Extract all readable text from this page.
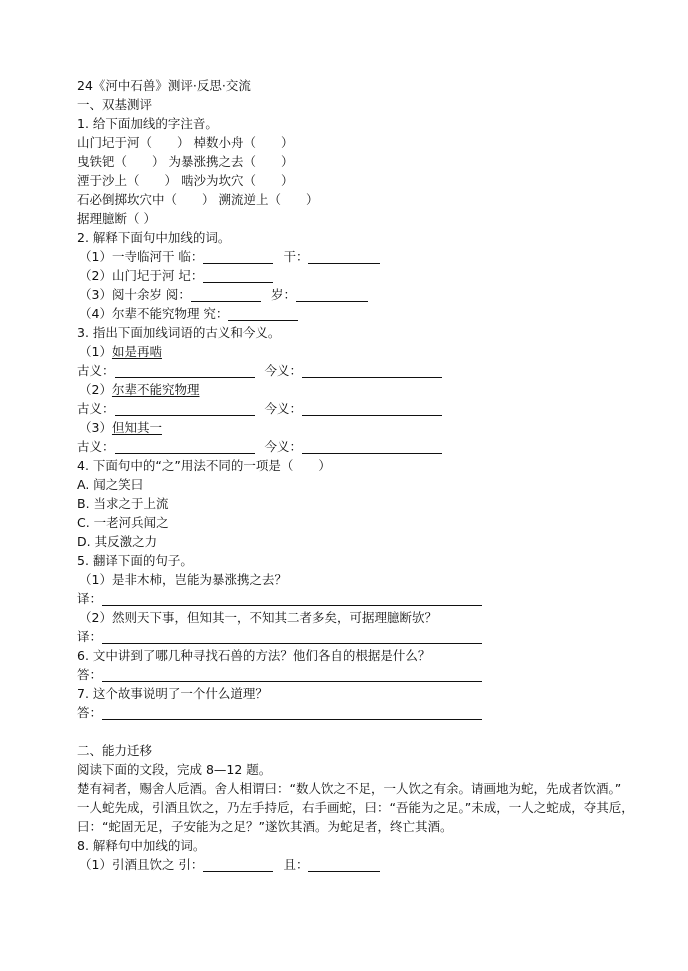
24《河中石兽》测评·反思·交流
一、双基测评
1. 给下面加线的字注音。
山门圮于河（　　） 棹数小舟（　　）
曳铁钯（　　） 为暴涨携之去（　　）
湮于沙上（　　） 啮沙为坎穴（　　）
石必倒掷坎穴中（　　） 溯流逆上（　　）
据理臆断（ ）
2. 解释下面句中加线的词。
（1）一寺临河干 临：	干：
（2）山门圮于河 圮：
（3）阅十余岁 阅：	岁：
（4）尔辈不能究物理 究：
3. 指出下面加线词语的古义和今义。
（1）如是再啮
古义：	今义：
（2）尔辈不能究物理
古义：	今义：
（3）但知其一
古义：	今义：
4. 下面句中的“之”用法不同的一项是（　　）
A. 闻之笑曰
B. 当求之于上流
C. 一老河兵闻之
D. 其反激之力
5. 翻译下面的句子。
（1）是非木柿，岂能为暴涨携之去？
译：
（2）然则天下事，但知其一，不知其二者多矣，可据理臆断欤？
译：
6. 文中讲到了哪几种寻找石兽的方法？他们各自的根据是什么？
答：
7. 这个故事说明了一个什么道理？
答：
二、能力迁移
阅读下面的文段，完成 8—12 题。
楚有祠者，赐舍人卮酒。舍人相谓曰：“数人饮之不足，一人饮之有余。请画地为蛇，先成者饮酒。”
一人蛇先成，引酒且饮之，乃左手持卮，右手画蛇，曰：“吾能为之足。”未成，一人之蛇成，夺其卮，曰：“蛇固无足，子安能为之足？”遂饮其酒。为蛇足者，终亡其酒。
8. 解释句中加线的词。
（1）引酒且饮之 引：	且：
